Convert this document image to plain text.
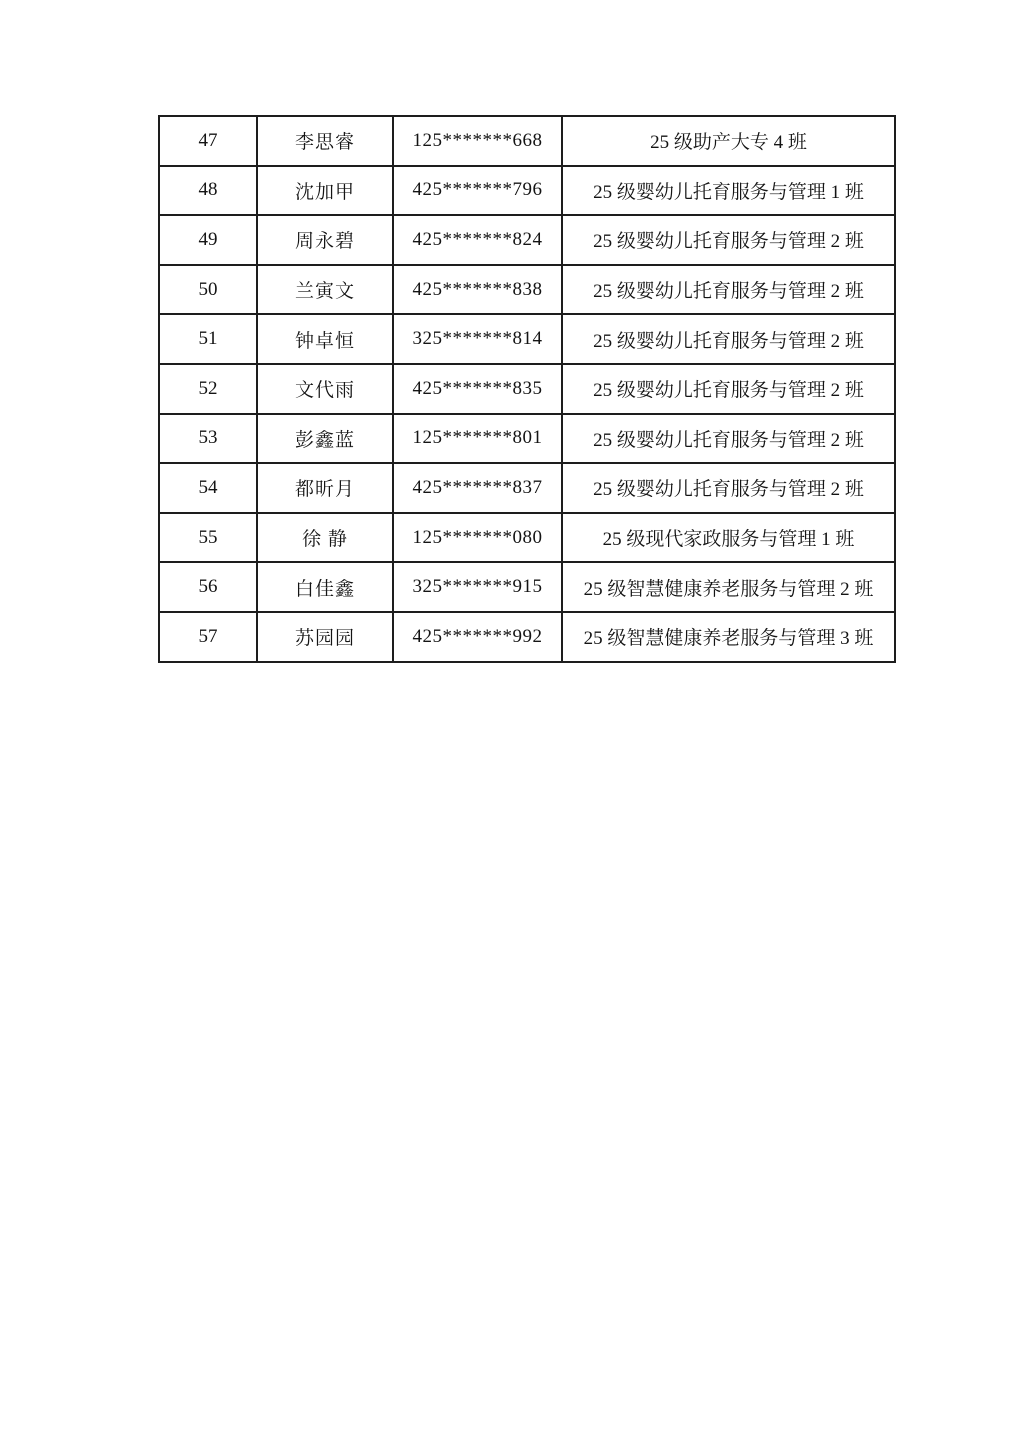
47	李思睿	125*******668	25 级助产大专 4 班
48	沈加甲	425*******796	25 级婴幼儿托育服务与管理 1 班
49	周永碧	425*******824	25 级婴幼儿托育服务与管理 2 班
50	兰寅文	425*******838	25 级婴幼儿托育服务与管理 2 班
51	钟卓恒	325*******814	25 级婴幼儿托育服务与管理 2 班
52	文代雨	425*******835	25 级婴幼儿托育服务与管理 2 班
53	彭鑫蓝	125*******801	25 级婴幼儿托育服务与管理 2 班
54	都昕月	425*******837	25 级婴幼儿托育服务与管理 2 班
55	徐 静	125*******080	25 级现代家政服务与管理 1 班
56	白佳鑫	325*******915	25 级智慧健康养老服务与管理 2 班
57	苏园园	425*******992	25 级智慧健康养老服务与管理 3 班
